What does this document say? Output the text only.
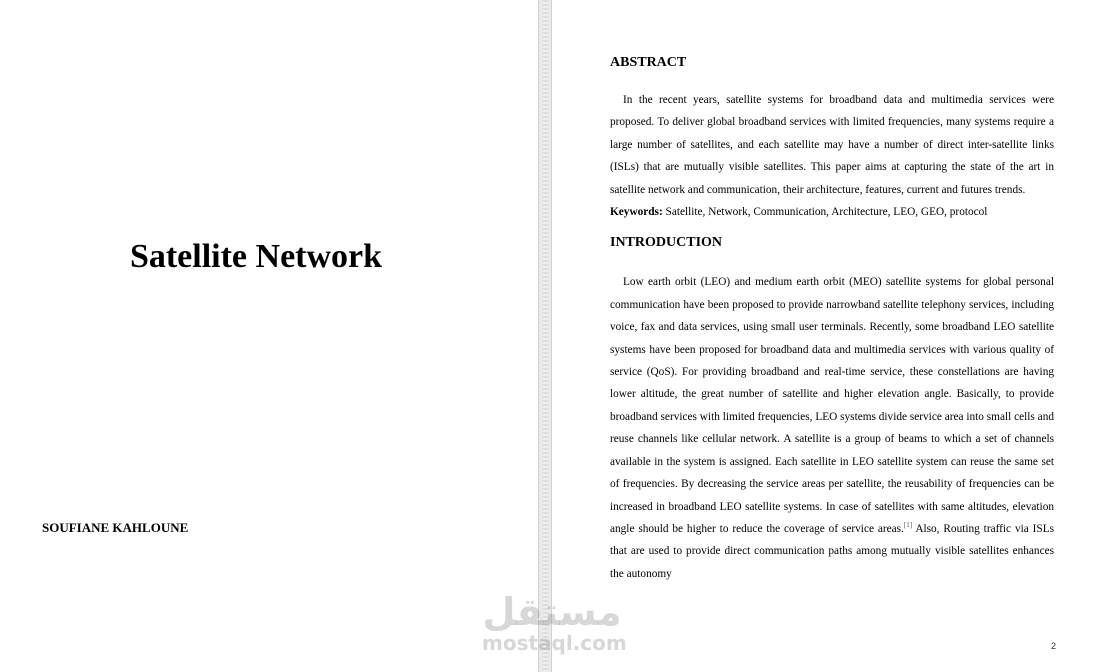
Satellite Network
SOUFIANE KAHLOUNE
ABSTRACT

In the recent years, satellite systems for broadband data and multimedia services were proposed. To deliver global broadband services with limited frequencies, many systems require a large number of satellites, and each satellite may have a number of direct inter-satellite links (ISLs) that are mutually visible satellites. This paper aims at capturing the state of the art in satellite network and communication, their architecture, features, current and futures trends.

Keywords: Satellite, Network, Communication, Architecture, LEO, GEO, protocol

INTRODUCTION

Low earth orbit (LEO) and medium earth orbit (MEO) satellite systems for global personal communication have been proposed to provide narrowband satellite telephony services, including voice, fax and data services, using small user terminals. Recently, some broadband LEO satellite systems have been proposed for broadband data and multimedia services with various quality of service (QoS). For providing broadband and real-time service, these constellations are having lower altitude, the great number of satellite and higher elevation angle. Basically, to provide broadband services with limited frequencies, LEO systems divide service area into small cells and reuse channels like cellular network. A satellite is a group of beams to which a set of channels available in the system is assigned. Each satellite in LEO satellite system can reuse the same set of frequencies. By decreasing the service areas per satellite, the reusability of frequencies can be increased in broadband LEO satellite systems. In case of satellites with same altitudes, elevation angle should be higher to reduce the coverage of service areas.[1] Also, Routing traffic via ISLs that are used to provide direct communication paths among mutually visible satellites enhances the autonomy

2
مستقل
mostaql.com
